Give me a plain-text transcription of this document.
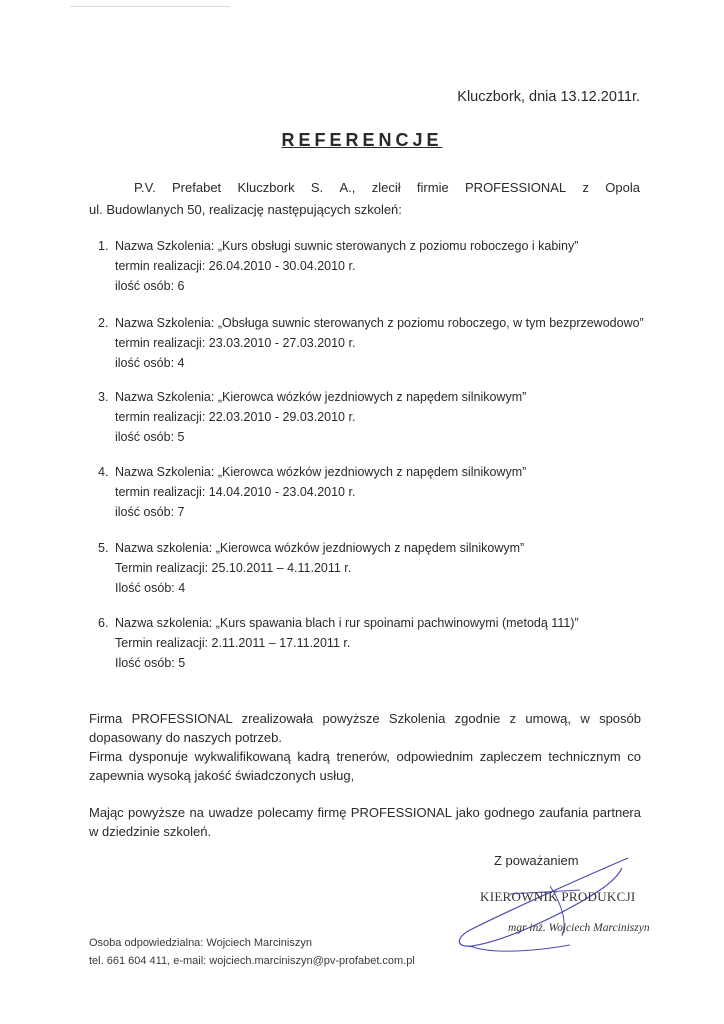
Kluczbork, dnia 13.12.2011r.
REFERENCJE
P.V. Prefabet Kluczbork S. A., zlecił firmie PROFESSIONAL z Opola
ul. Budowlanych 50, realizację następujących szkoleń:
1. Nazwa Szkolenia: „Kurs obsługi suwnic sterowanych z poziomu roboczego i kabiny”
termin realizacji: 26.04.2010 - 30.04.2010 r.
ilość osób: 6
2. Nazwa Szkolenia: „Obsługa suwnic sterowanych z poziomu roboczego, w tym bezprzewodowo”
termin realizacji: 23.03.2010 - 27.03.2010 r.
ilość osób: 4
3. Nazwa Szkolenia: „Kierowca wózków jezdniowych z napędem silnikowym”
termin realizacji: 22.03.2010 - 29.03.2010 r.
ilość osób: 5
4. Nazwa Szkolenia: „Kierowca wózków jezdniowych z napędem silnikowym”
termin realizacji: 14.04.2010 - 23.04.2010 r.
ilość osób: 7
5. Nazwa szkolenia: „Kierowca wózków jezdniowych z napędem silnikowym”
Termin realizacji: 25.10.2011 – 4.11.2011 r.
Ilość osób: 4
6. Nazwa szkolenia: „Kurs spawania blach i rur spoinami pachwinowymi (metodą 111)”
Termin realizacji: 2.11.2011 – 17.11.2011 r.
Ilość osób: 5
Firma PROFESSIONAL zrealizowała powyższe Szkolenia zgodnie z umową, w sposób dopasowany do naszych potrzeb.
Firma dysponuje wykwalifikowaną kadrą trenerów, odpowiednim zapleczem technicznym co zapewnia wysoką jakość świadczonych usług,
Mając powyższe na uwadze polecamy firmę PROFESSIONAL jako godnego zaufania partnera w dziedzinie szkoleń.
Z poważaniem
KIEROWNIK PRODUKCJI
mgr inż. Wojciech Marciniszyn
Osoba odpowiedzialna: Wojciech Marciniszyn
tel. 661 604 411, e-mail: wojciech.marciniszyn@pv-profabet.com.pl
